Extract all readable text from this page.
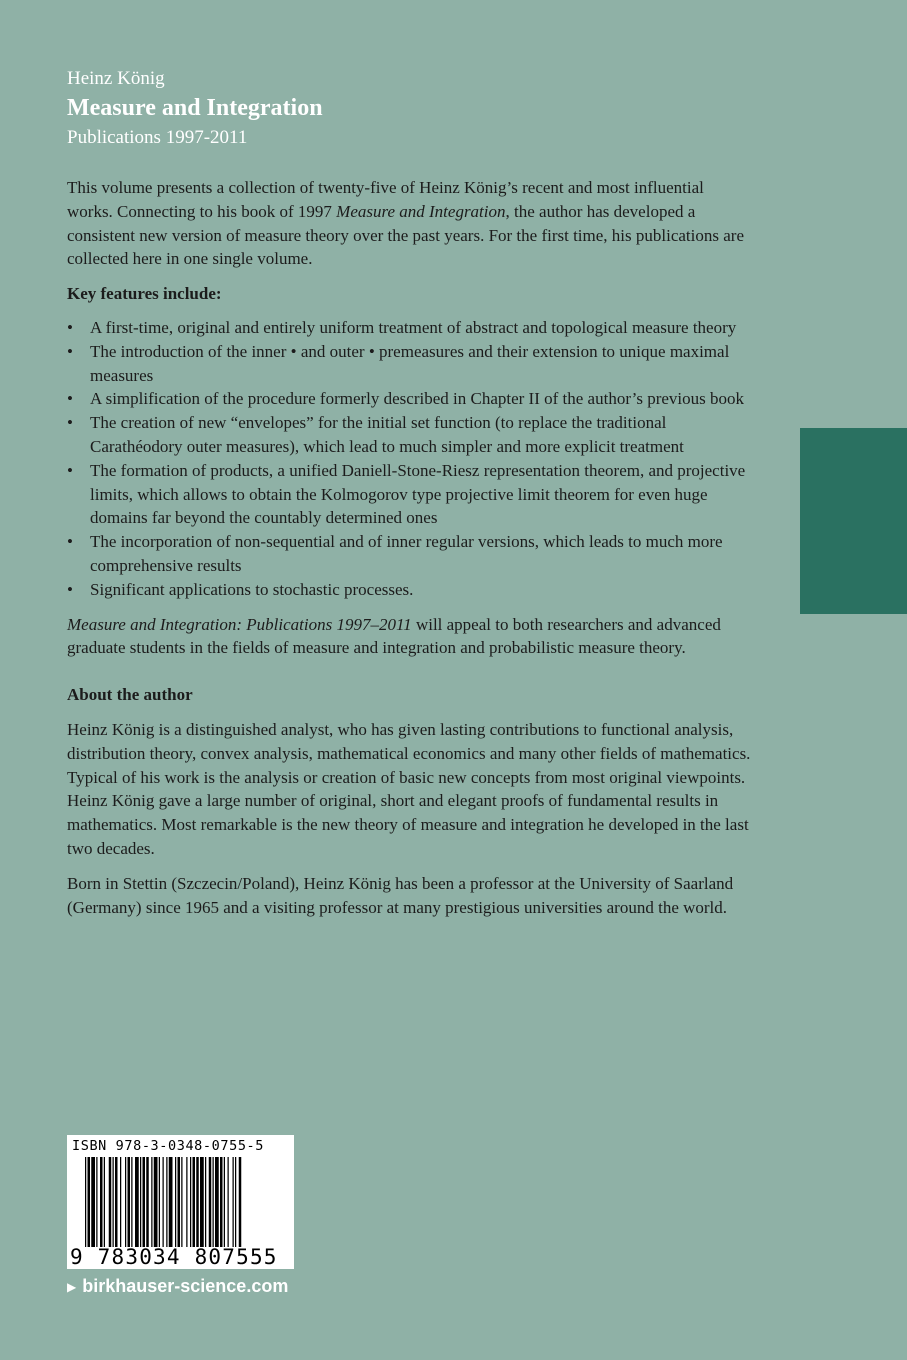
Heinz König
Measure and Integration
Publications 1997-2011

This volume presents a collection of twenty-five of Heinz König’s recent and most influential works. Connecting to his book of 1997 Measure and Integration, the author has developed a consistent new version of measure theory over the past years. For the first time, his publications are collected here in one single volume.

Key features include:

• A first-time, original and entirely uniform treatment of abstract and topological measure theory
• The introduction of the inner • and outer • premeasures and their extension to unique maximal measures
• A simplification of the procedure formerly described in Chapter II of the author’s previous book
• The creation of new “envelopes” for the initial set function (to replace the traditional Carathéodory outer measures), which lead to much simpler and more explicit treatment
• The formation of products, a unified Daniell-Stone-Riesz representation theorem, and projective limits, which allows to obtain the Kolmogorov type projective limit theorem for even huge domains far beyond the countably determined ones
• The incorporation of non-sequential and of inner regular versions, which leads to much more comprehensive results
• Significant applications to stochastic processes.

Measure and Integration: Publications 1997–2011 will appeal to both researchers and advanced graduate students in the fields of measure and integration and probabilistic measure theory.

About the author

Heinz König is a distinguished analyst, who has given lasting contributions to functional analysis, distribution theory, convex analysis, mathematical economics and many other fields of mathematics. Typical of his work is the analysis or creation of basic new concepts from most original viewpoints. Heinz König gave a large number of original, short and elegant proofs of fundamental results in mathematics. Most remarkable is the new theory of measure and integration he developed in the last two decades.

Born in Stettin (Szczecin/Poland), Heinz König has been a professor at the University of Saarland (Germany) since 1965 and a visiting professor at many prestigious universities around the world.

ISBN 978-3-0348-0755-5
9 783034 807555
▶ birkhauser-science.com
